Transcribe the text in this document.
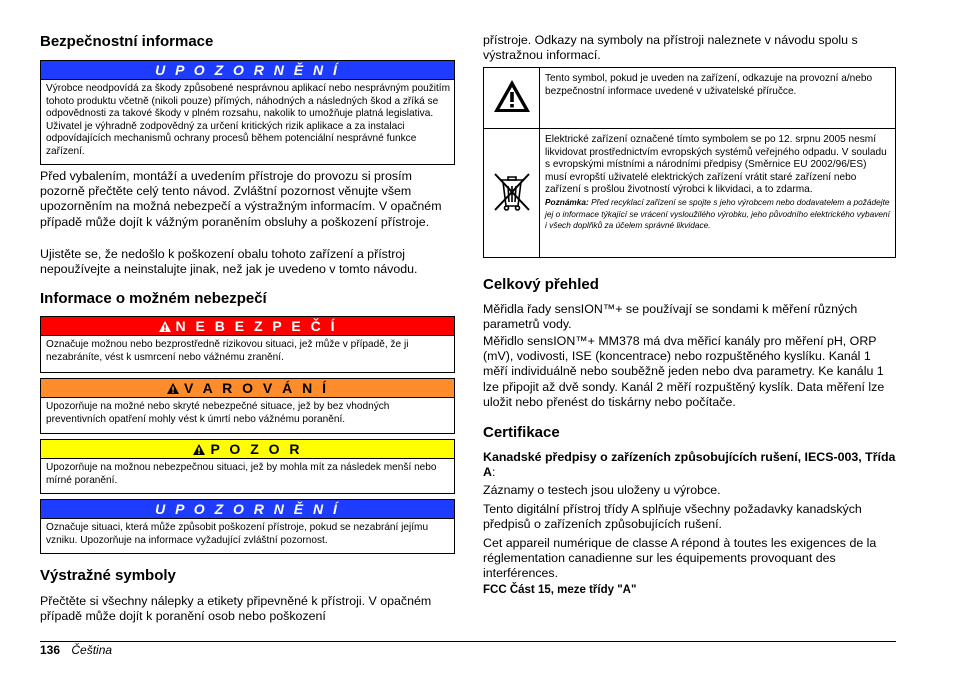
Bezpečnostní informace
U P O Z O R N Ě N Í
Výrobce neodpovídá za škody způsobené nesprávnou aplikací nebo nesprávným použitím tohoto produktu včetně (nikoli pouze) přímých, náhodných a následných škod a zříká se odpovědnosti za takové škody v plném rozsahu, nakolik to umožňuje platná legislativa. Uživatel je výhradně zodpovědný za určení kritických rizik aplikace a za instalaci odpovídajících mechanismů ochrany procesů během potenciální nesprávné funkce zařízení.

Před vybalením, montáží a uvedením přístroje do provozu si prosím pozorně přečtěte celý tento návod. Zvláštní pozornost věnujte všem upozorněním na možná nebezpečí a výstražným informacím. V opačném případě může dojít k vážným poraněním obsluhy a poškození přístroje.

Ujistěte se, že nedošlo k poškození obalu tohoto zařízení a přístroj nepoužívejte a neinstalujte jinak, než jak je uvedeno v tomto návodu.

Informace o možném nebezpečí
N E B E Z P E Č Í
Označuje možnou nebo bezprostředně rizikovou situaci, jež může v případě, že ji nezabráníte, vést k usmrcení nebo vážnému zranění.
V A R O V Á N Í
Upozorňuje na možné nebo skryté nebezpečné situace, jež by bez vhodných preventivních opatření mohly vést k úmrtí nebo vážnému poranění.
P O Z O R
Upozorňuje na možnou nebezpečnou situaci, jež by mohla mít za následek menší nebo mírné poranění.
U P O Z O R N Ě N Í
Označuje situaci, která může způsobit poškození přístroje, pokud se nezabrání jejímu vzniku. Upozorňuje na informace vyžadující zvláštní pozornost.
Výstražné symboly

Přečtěte si všechny nálepky a etikety připevněné k přístroji. V opačném případě může dojít k poranění osob nebo poškození

přístroje. Odkazy na symboly na přístroji naleznete v návodu spolu s výstražnou informací.

	Tento symbol, pokud je uveden na zařízení, odkazuje na provozní a/nebo bezpečnostní informace uvedené v uživatelské příručce.
	Elektrické zařízení označené tímto symbolem se po 12. srpnu 2005 nesmí likvidovat prostřednictvím evropských systémů veřejného odpadu. V souladu s evropskými místními a národními předpisy (Směrnice EU 2002/96/ES) musí evropští uživatelé elektrických zařízení vrátit staré zařízení nebo zařízení s prošlou životností výrobci k likvidaci, a to zdarma.
Poznámka: Před recyklací zařízení se spojte s jeho výrobcem nebo dodavatelem a požádejte jej o informace týkající se vrácení vysloužilého výrobku, jeho původního elektrického vybavení i všech doplňků za účelem správné likvidace.
Celkový přehled

Měřidla řady sensION™+ se používají se sondami k měření různých parametrů vody.

Měřidlo sensION™+ MM378 má dva měřicí kanály pro měření pH, ORP (mV), vodivosti, ISE (koncentrace) nebo rozpuštěného kyslíku. Kanál 1 měří individuálně nebo souběžně jeden nebo dva parametry. Ke kanálu 1 lze připojit až dvě sondy. Kanál 2 měří rozpuštěný kyslík. Data měření lze uložit nebo přenést do tiskárny nebo počítače.

Certifikace

Kanadské předpisy o zařízeních způsobujících rušení, IECS-003, Třída A:

Záznamy o testech jsou uloženy u výrobce.

Tento digitální přístroj třídy A splňuje všechny požadavky kanadských předpisů o zařízeních způsobujících rušení.

Cet appareil numérique de classe A répond à toutes les exigences de la réglementation canadienne sur les équipements provoquant des interférences.

FCC Část 15, meze třídy "A"

136 Čeština
